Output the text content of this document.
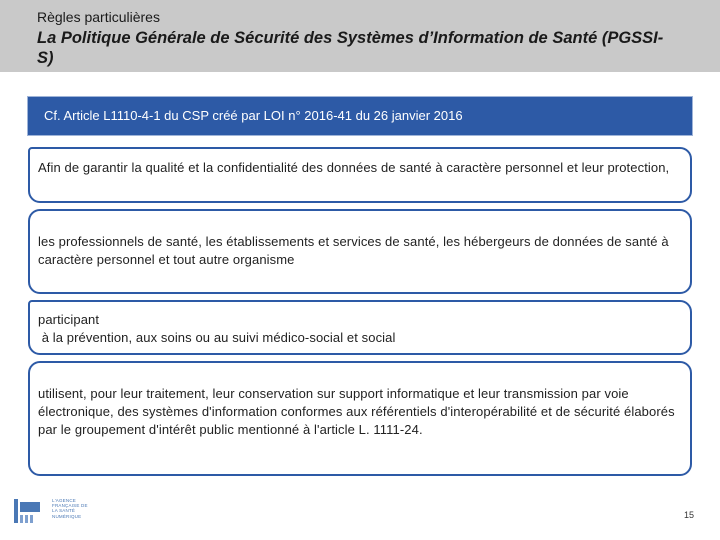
Règles particulières
La Politique Générale de Sécurité des Systèmes d’Information de Santé (PGSSI-S)
Cf. Article L1110-4-1 du CSP créé par LOI n° 2016-41 du 26 janvier 2016
Afin de garantir la qualité et la confidentialité des données de santé à caractère personnel et leur protection,
les professionnels de santé, les établissements et services de santé, les hébergeurs de données de santé à caractère personnel et tout autre organisme
participant
à la prévention, aux soins ou au suivi médico-social et social
utilisent, pour leur traitement, leur conservation sur support informatique et leur transmission par voie électronique, des systèmes d'information conformes aux référentiels d'interopérabilité et de sécurité élaborés par le groupement d'intérêt public mentionné à l'article L. 1111-24.
L'AGENCE FRANÇAISE DE LA SANTÉ NUMÉRIQUE	15
